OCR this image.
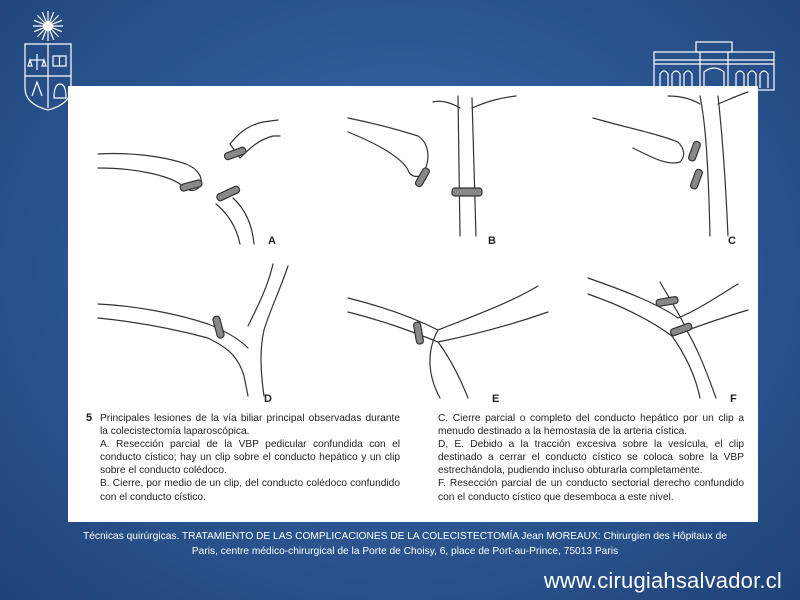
A	B	C
D	E	F
5 Principales lesiones de la vía biliar principal observadas durante la colecistectomía laparoscópica.

A. Resección parcial de la VBP pedicular confundida con el conducto cístico; hay un clip sobre el conducto hepático y un clip sobre el conducto colédoco.

B. Cierre, por medio de un clip, del conducto colédoco confundido con el conducto cístico.

C. Cierre parcial o completo del conducto hepático por un clip a menudo destinado a la hemostasia de la arteria cística.

D, E. Debido a la tracción excesiva sobre la vesícula, el clip destinado a cerrar el conducto cístico se coloca sobre la VBP estrechándola, pudiendo incluso obturarla completamente.

F. Resección parcial de un conducto sectorial derecho confundido con el conducto cístico que desemboca a este nivel.

Técnicas quirúrgicas. TRATAMIENTO DE LAS COMPLICACIONES DE LA COLECISTECTOMÍA Jean MOREAUX: Chirurgien des Hôpitaux de

Paris, centre médico-chirurgical de la Porte de Choisy, 6, place de Port-au-Prince, 75013 Paris

www.cirugiahsalvador.cl
